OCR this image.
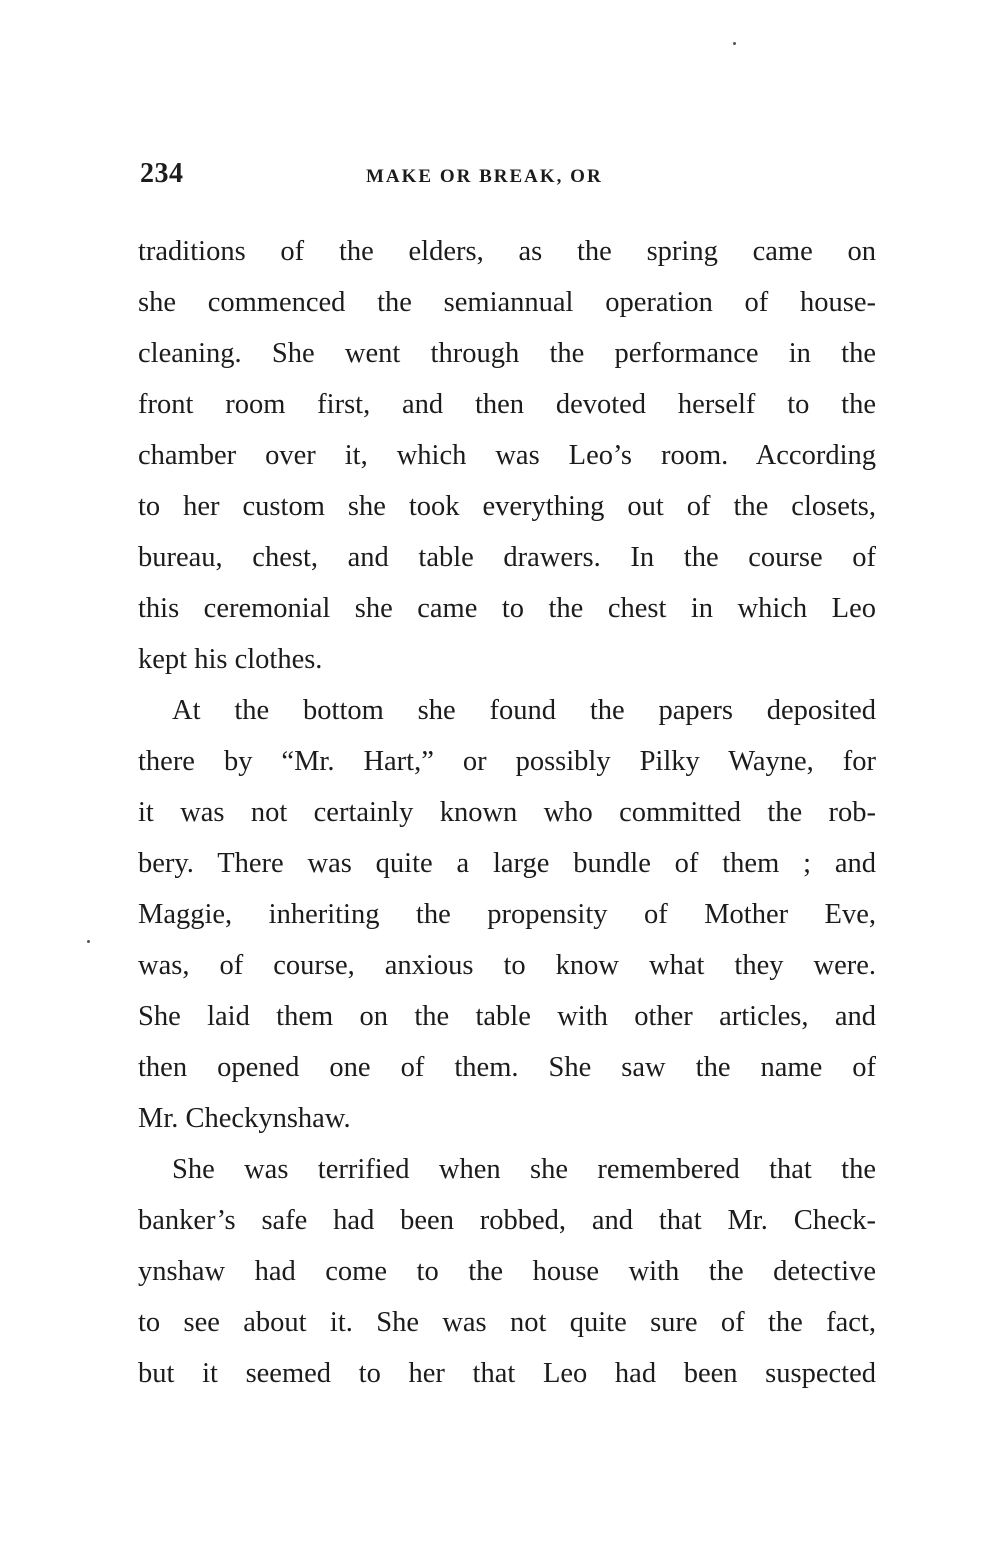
234	MAKE OR BREAK, OR
traditions of the elders, as the spring came on
she commenced the semiannual operation of house-
cleaning. She went through the performance in the
front room first, and then devoted herself to the
chamber over it, which was Leo’s room. According
to her custom she took everything out of the closets,
bureau, chest, and table drawers. In the course of
this ceremonial she came to the chest in which Leo
kept his clothes.
At the bottom she found the papers deposited
there by “Mr. Hart,” or possibly Pilky Wayne, for
it was not certainly known who committed the rob-
bery. There was quite a large bundle of them ; and
Maggie, inheriting the propensity of Mother Eve,
was, of course, anxious to know what they were.
She laid them on the table with other articles, and
then opened one of them. She saw the name of
Mr. Checkynshaw.
She was terrified when she remembered that the
banker’s safe had been robbed, and that Mr. Check-
ynshaw had come to the house with the detective
to see about it. She was not quite sure of the fact,
but it seemed to her that Leo had been suspected
